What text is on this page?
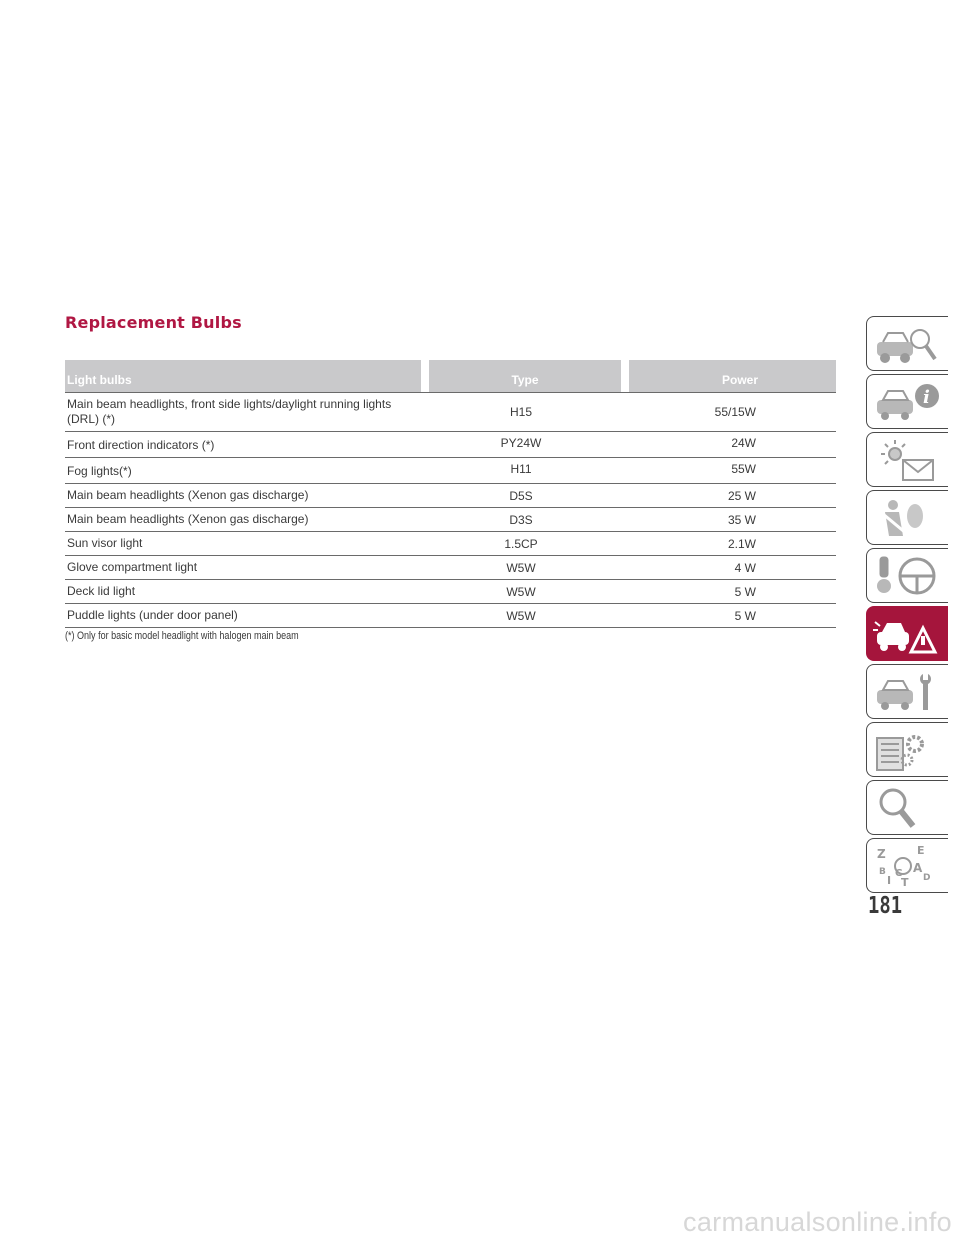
Replacement Bulbs
Light bulbs	Type	Power
Main beam headlights, front side lights/daylight running lights (DRL) (*)	H15	55/15W
Front direction indicators (*)	PY24W	24W
Fog lights(*)	H11	55W
Main beam headlights (Xenon gas discharge)	D5S	25 W
Main beam headlights (Xenon gas discharge)	D3S	35 W
Sun visor light	1.5CP	2.1W
Glove compartment light	W5W	4 W
Deck lid light	W5W	5 W
Puddle lights (under door panel)	W5W	5 W
(*) Only for basic model headlight with halogen main beam
i
Z	E
B
I
C
T
A
D
181
carmanualsonline.info
